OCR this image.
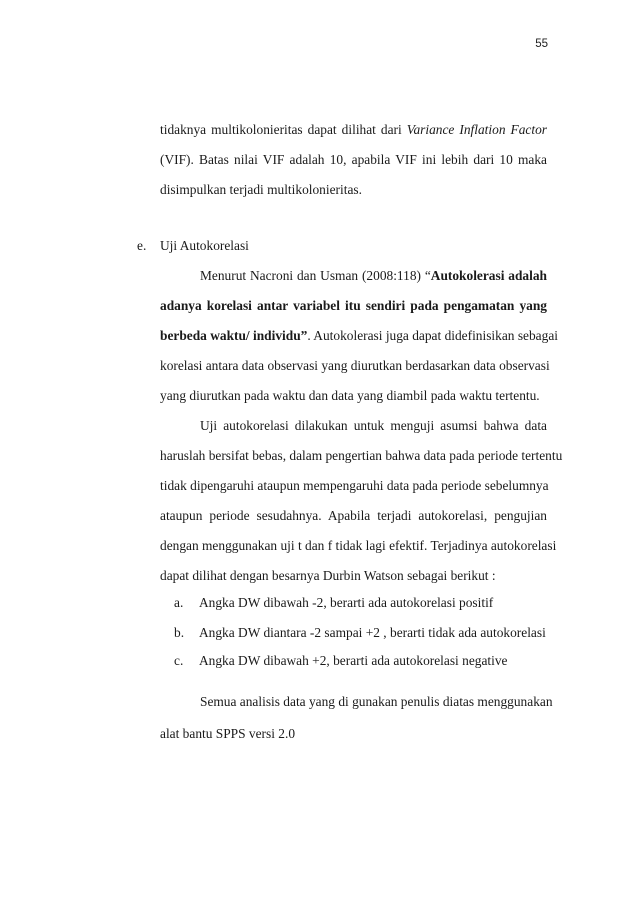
55
tidaknya multikolonieritas dapat dilihat dari Variance Inflation Factor
(VIF). Batas nilai VIF adalah 10, apabila VIF ini lebih dari 10 maka
disimpulkan terjadi multikolonieritas.
e. Uji Autokorelasi
Menurut Nacroni dan Usman (2008:118) “Autokolerasi adalah
adanya korelasi antar variabel itu sendiri pada pengamatan yang
berbeda waktu/ individu”. Autokolerasi juga dapat didefinisikan sebagai
korelasi antara data observasi yang diurutkan berdasarkan data observasi
yang diurutkan pada waktu dan data yang diambil pada waktu tertentu.
Uji autokorelasi dilakukan untuk menguji asumsi bahwa data
haruslah bersifat bebas, dalam pengertian bahwa data pada periode tertentu
tidak dipengaruhi ataupun mempengaruhi data pada periode sebelumnya
ataupun periode sesudahnya. Apabila terjadi autokorelasi, pengujian
dengan menggunakan uji t dan f tidak lagi efektif. Terjadinya autokorelasi
dapat dilihat dengan besarnya Durbin Watson sebagai berikut :
a. Angka DW dibawah -2, berarti ada autokorelasi positif
b. Angka DW diantara -2 sampai +2 , berarti tidak ada autokorelasi
c. Angka DW dibawah +2, berarti ada autokorelasi negative
Semua analisis data yang di gunakan penulis diatas menggunakan
alat bantu SPPS versi 2.0
